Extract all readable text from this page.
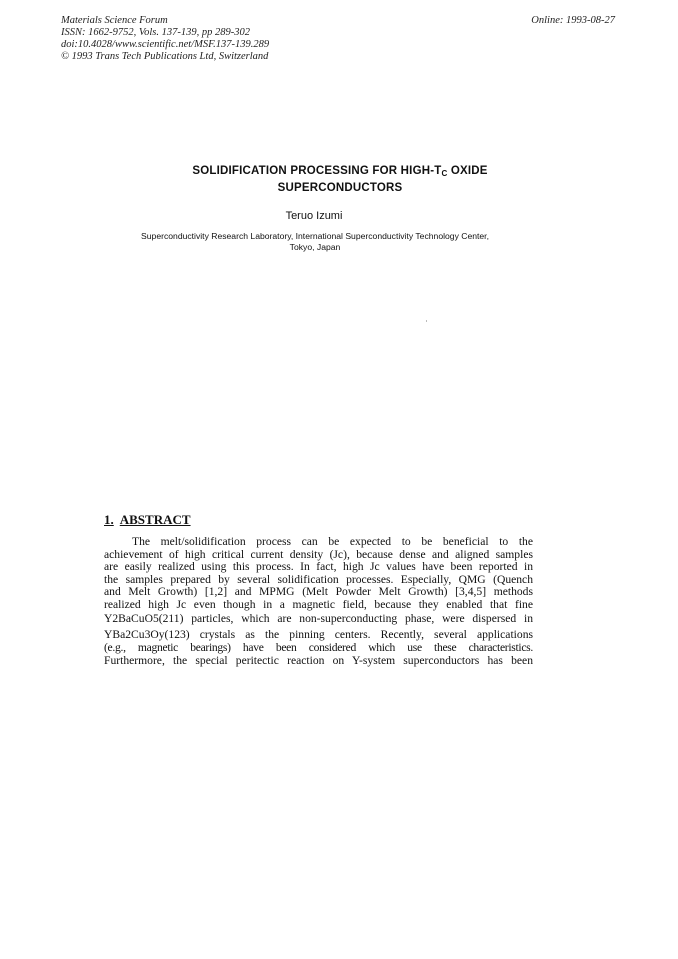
Materials Science Forum
ISSN: 1662-9752, Vols. 137-139, pp 289-302
doi:10.4028/www.scientific.net/MSF.137-139.289
© 1993 Trans Tech Publications Ltd, Switzerland
Online: 1993-08-27
SOLIDIFICATION PROCESSING FOR HIGH-$T_C$ OXIDE
SUPERCONDUCTORS
Teruo Izumi
Superconductivity Research Laboratory, International Superconductivity Technology Center,
Tokyo, Japan
1. ABSTRACT
The melt/solidification process can be expected to be beneficial to the
achievement of high critical current density (Jc), because dense and aligned samples
are easily realized using this process. In fact, high Jc values have been reported in
the samples prepared by several solidification processes. Especially, QMG (Quench
and Melt Growth) [1,2] and MPMG (Melt Powder Melt Growth) [3,4,5] methods
realized high Jc even though in a magnetic field, because they enabled that fine
Y2BaCuO5(211) particles, which are non-superconducting phase, were dispersed in
YBa2Cu3Oy(123) crystals as the pinning centers. Recently, several applications
(e.g., magnetic bearings) have been considered which use these characteristics.
Furthermore, the special peritectic reaction on Y-system superconductors has been
